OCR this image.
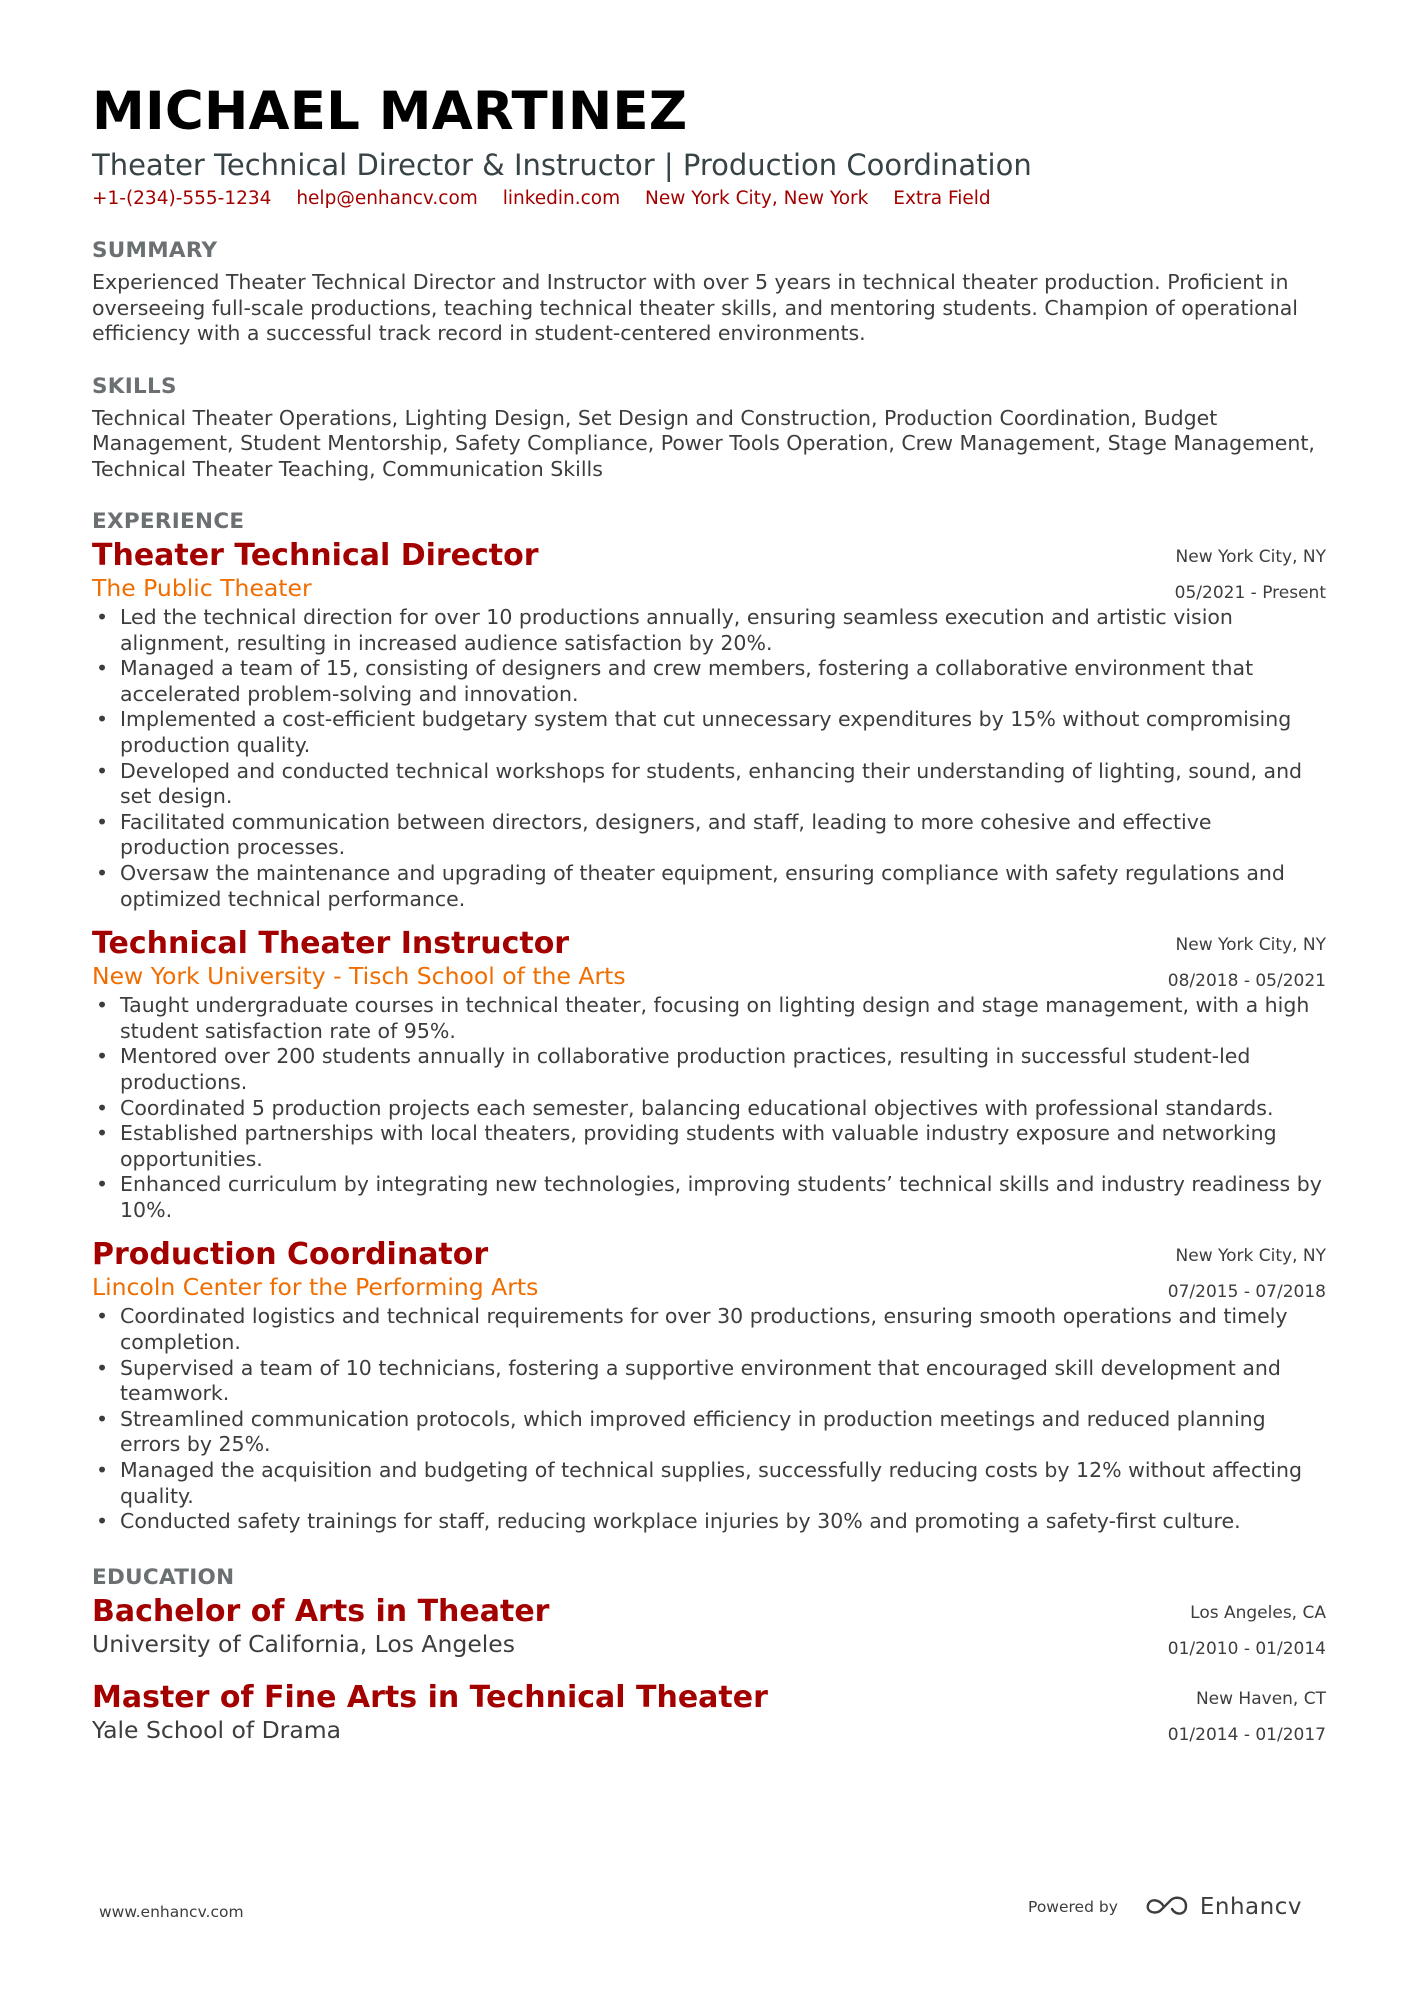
MICHAEL MARTINEZ
Theater Technical Director & Instructor | Production Coordination
+1-(234)-555-1234 help@enhancv.com linkedin.com New York City, New York Extra Field
SUMMARY

Experienced Theater Technical Director and Instructor with over 5 years in technical theater production. Proficient in overseeing full-scale productions, teaching technical theater skills, and mentoring students. Champion of operational efficiency with a successful track record in student-centered environments.

SKILLS

Technical Theater Operations, Lighting Design, Set Design and Construction, Production Coordination, Budget Management, Student Mentorship, Safety Compliance, Power Tools Operation, Crew Management, Stage Management, Technical Theater Teaching, Communication Skills

EXPERIENCE
Theater Technical Director
The Public Theater
New York City, NY
05/2021 - Present
• Led the technical direction for over 10 productions annually, ensuring seamless execution and artistic vision alignment, resulting in increased audience satisfaction by 20%.
• Managed a team of 15, consisting of designers and crew members, fostering a collaborative environment that accelerated problem-solving and innovation.
• Implemented a cost-efficient budgetary system that cut unnecessary expenditures by 15% without compromising production quality.
• Developed and conducted technical workshops for students, enhancing their understanding of lighting, sound, and set design.
• Facilitated communication between directors, designers, and staff, leading to more cohesive and effective production processes.
• Oversaw the maintenance and upgrading of theater equipment, ensuring compliance with safety regulations and optimized technical performance.
Technical Theater Instructor
New York University - Tisch School of the Arts
New York City, NY
08/2018 - 05/2021
• Taught undergraduate courses in technical theater, focusing on lighting design and stage management, with a high student satisfaction rate of 95%.
• Mentored over 200 students annually in collaborative production practices, resulting in successful student-led productions.
• Coordinated 5 production projects each semester, balancing educational objectives with professional standards.
• Established partnerships with local theaters, providing students with valuable industry exposure and networking opportunities.
• Enhanced curriculum by integrating new technologies, improving students’ technical skills and industry readiness by 10%.
Production Coordinator
Lincoln Center for the Performing Arts
New York City, NY
07/2015 - 07/2018
• Coordinated logistics and technical requirements for over 30 productions, ensuring smooth operations and timely completion.
• Supervised a team of 10 technicians, fostering a supportive environment that encouraged skill development and teamwork.
• Streamlined communication protocols, which improved efficiency in production meetings and reduced planning errors by 25%.
• Managed the acquisition and budgeting of technical supplies, successfully reducing costs by 12% without affecting quality.
• Conducted safety trainings for staff, reducing workplace injuries by 30% and promoting a safety-first culture.
EDUCATION
Bachelor of Arts in Theater
University of California, Los Angeles
Los Angeles, CA
01/2010 - 01/2014
Master of Fine Arts in Technical Theater
Yale School of Drama
New Haven, CT
01/2014 - 01/2017
www.enhancv.com	Powered by	Enhancv
